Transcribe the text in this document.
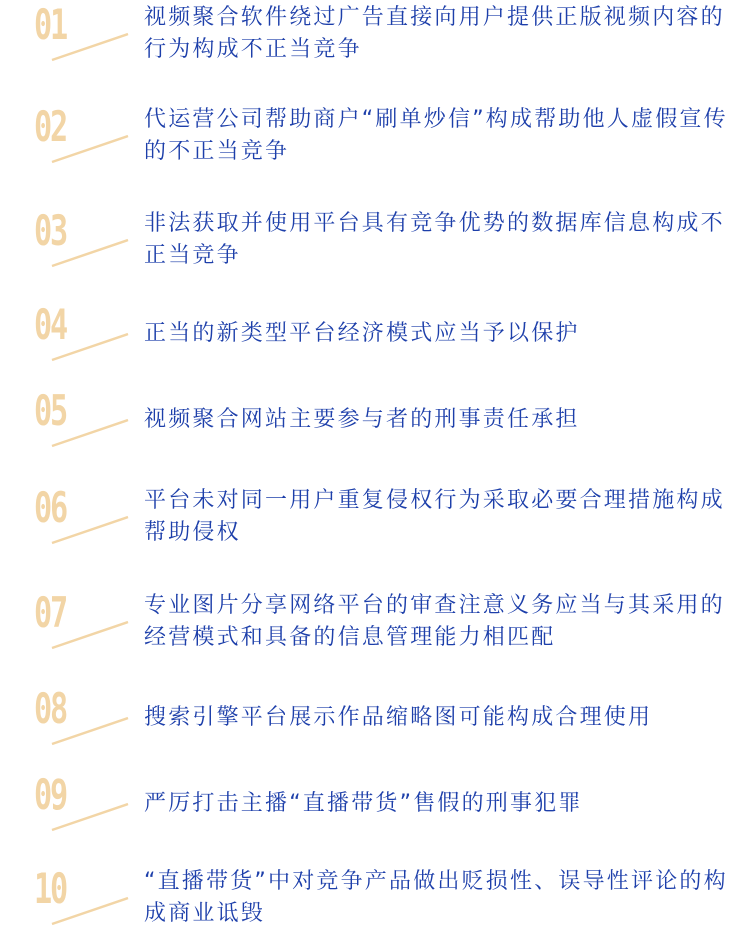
01	视频聚合软件绕过广告直接向用户提供正版视频内容的行为构成不正当竞争
02	代运营公司帮助商户“刷单炒信”构成帮助他人虚假宣传的不正当竞争
03	非法获取并使用平台具有竞争优势的数据库信息构成不正当竞争
04	正当的新类型平台经济模式应当予以保护
05	视频聚合网站主要参与者的刑事责任承担
06	平台未对同一用户重复侵权行为采取必要合理措施构成帮助侵权
07	专业图片分享网络平台的审查注意义务应当与其采用的经营模式和具备的信息管理能力相匹配
08	搜索引擎平台展示作品缩略图可能构成合理使用
09	严厉打击主播“直播带货”售假的刑事犯罪
10	“直播带货”中对竞争产品做出贬损性、误导性评论的构成商业诋毁
